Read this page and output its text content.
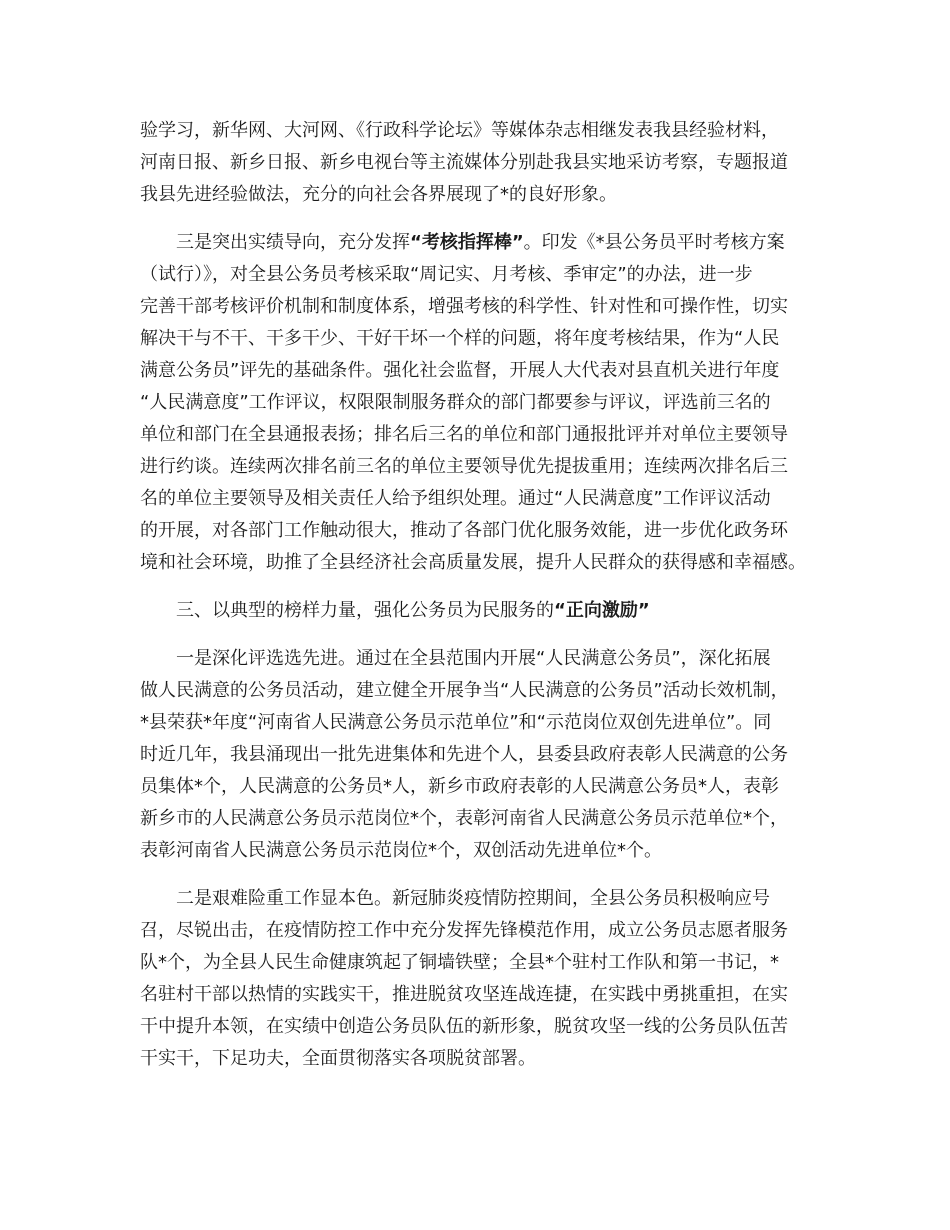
验学习，新华网、大河网、《行政科学论坛》等媒体杂志相继发表我县经验材料，
河南日报、新乡日报、新乡电视台等主流媒体分别赴我县实地采访考察，专题报道
我县先进经验做法，充分的向社会各界展现了*的良好形象。
三是突出实绩导向，充分发挥“考核指挥棒”。印发《*县公务员平时考核方案
（试行）》，对全县公务员考核采取“周记实、月考核、季审定”的办法，进一步
完善干部考核评价机制和制度体系，增强考核的科学性、针对性和可操作性，切实
解决干与不干、干多干少、干好干坏一个样的问题，将年度考核结果，作为“人民
满意公务员”评先的基础条件。强化社会监督，开展人大代表对县直机关进行年度
“人民满意度”工作评议，权限限制服务群众的部门都要参与评议，评选前三名的
单位和部门在全县通报表扬；排名后三名的单位和部门通报批评并对单位主要领导
进行约谈。连续两次排名前三名的单位主要领导优先提拔重用；连续两次排名后三
名的单位主要领导及相关责任人给予组织处理。通过“人民满意度”工作评议活动
的开展，对各部门工作触动很大，推动了各部门优化服务效能，进一步优化政务环
境和社会环境，助推了全县经济社会高质量发展，提升人民群众的获得感和幸福感。
三、以典型的榜样力量，强化公务员为民服务的“正向激励”
一是深化评选选先进。通过在全县范围内开展“人民满意公务员”，深化拓展
做人民满意的公务员活动，建立健全开展争当“人民满意的公务员”活动长效机制，
*县荣获*年度“河南省人民满意公务员示范单位”和“示范岗位双创先进单位”。同
时近几年，我县涌现出一批先进集体和先进个人，县委县政府表彰人民满意的公务
员集体*个，人民满意的公务员*人，新乡市政府表彰的人民满意公务员*人，表彰
新乡市的人民满意公务员示范岗位*个，表彰河南省人民满意公务员示范单位*个，
表彰河南省人民满意公务员示范岗位*个，双创活动先进单位*个。
二是艰难险重工作显本色。新冠肺炎疫情防控期间，全县公务员积极响应号
召，尽锐出击，在疫情防控工作中充分发挥先锋模范作用，成立公务员志愿者服务
队*个，为全县人民生命健康筑起了铜墙铁壁；全县*个驻村工作队和第一书记，*
名驻村干部以热情的实践实干，推进脱贫攻坚连战连捷，在实践中勇挑重担，在实
干中提升本领，在实绩中创造公务员队伍的新形象，脱贫攻坚一线的公务员队伍苦
干实干，下足功夫，全面贯彻落实各项脱贫部署。
